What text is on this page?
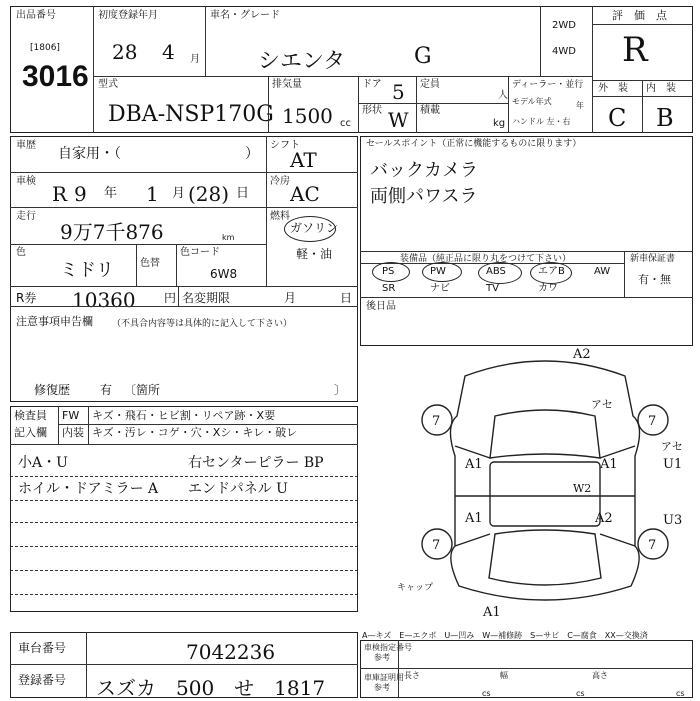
出品番号
[1806]
3016
初度登録年月
28 4 月
車名・グレード
シエンタ	G
2WD
4WD
評　価　点
R
型式
DBA-NSP170G
排気量
1500 cc
ドア 5 定員
人
形状 W 積載
kg
ディーラー・並行
モデル年式	年
ハンドル 左・右
外　装 内　装
C B
車歴
自家用・（	）
シフト
AT
車検
R 9 年 1 月 (28) 日
冷房
AC
走行
9万7千876	km
燃料
ガソリン
軽・油
色
ミドリ	色替
色コード
6W8
R券 10360 円 名変期限	月	日
注意事項申告欄 （不具合内容等は具体的に記入して下さい）
修復歴 有 〔箇所	〕
セールスポイント（正常に機能するものに限ります）
バックカメラ
両側パワスラ
装備品（純正品に限り丸をつけて下さい）	新車保証書
有・無
PS	PW	ABS	エアB	AW
SR	ナビ	TV	カワ
後日品
検査員
記入欄
FW キズ・飛石・ヒビ割・リペア跡・X要
内装 キズ・汚レ・コゲ・穴・Xシ・キレ・破レ
小A・U	右センターピラー BP
ホイル・ドアミラー A エンドパネル U
A2
アセ
7	7
7	7
A1	A1	U1
アセ
W2
A1	A2	U3
A1
キャップ
車台番号	7042236
登録番号 スズカ　500　せ　1817
A—キズ　E—エクボ　U—凹み　W—補修跡　S—サビ　C—腐食　XX—交換済
車検指定番号
参考
車庫証明用
参考
長さ	幅	高さ
cs	cs	cs
